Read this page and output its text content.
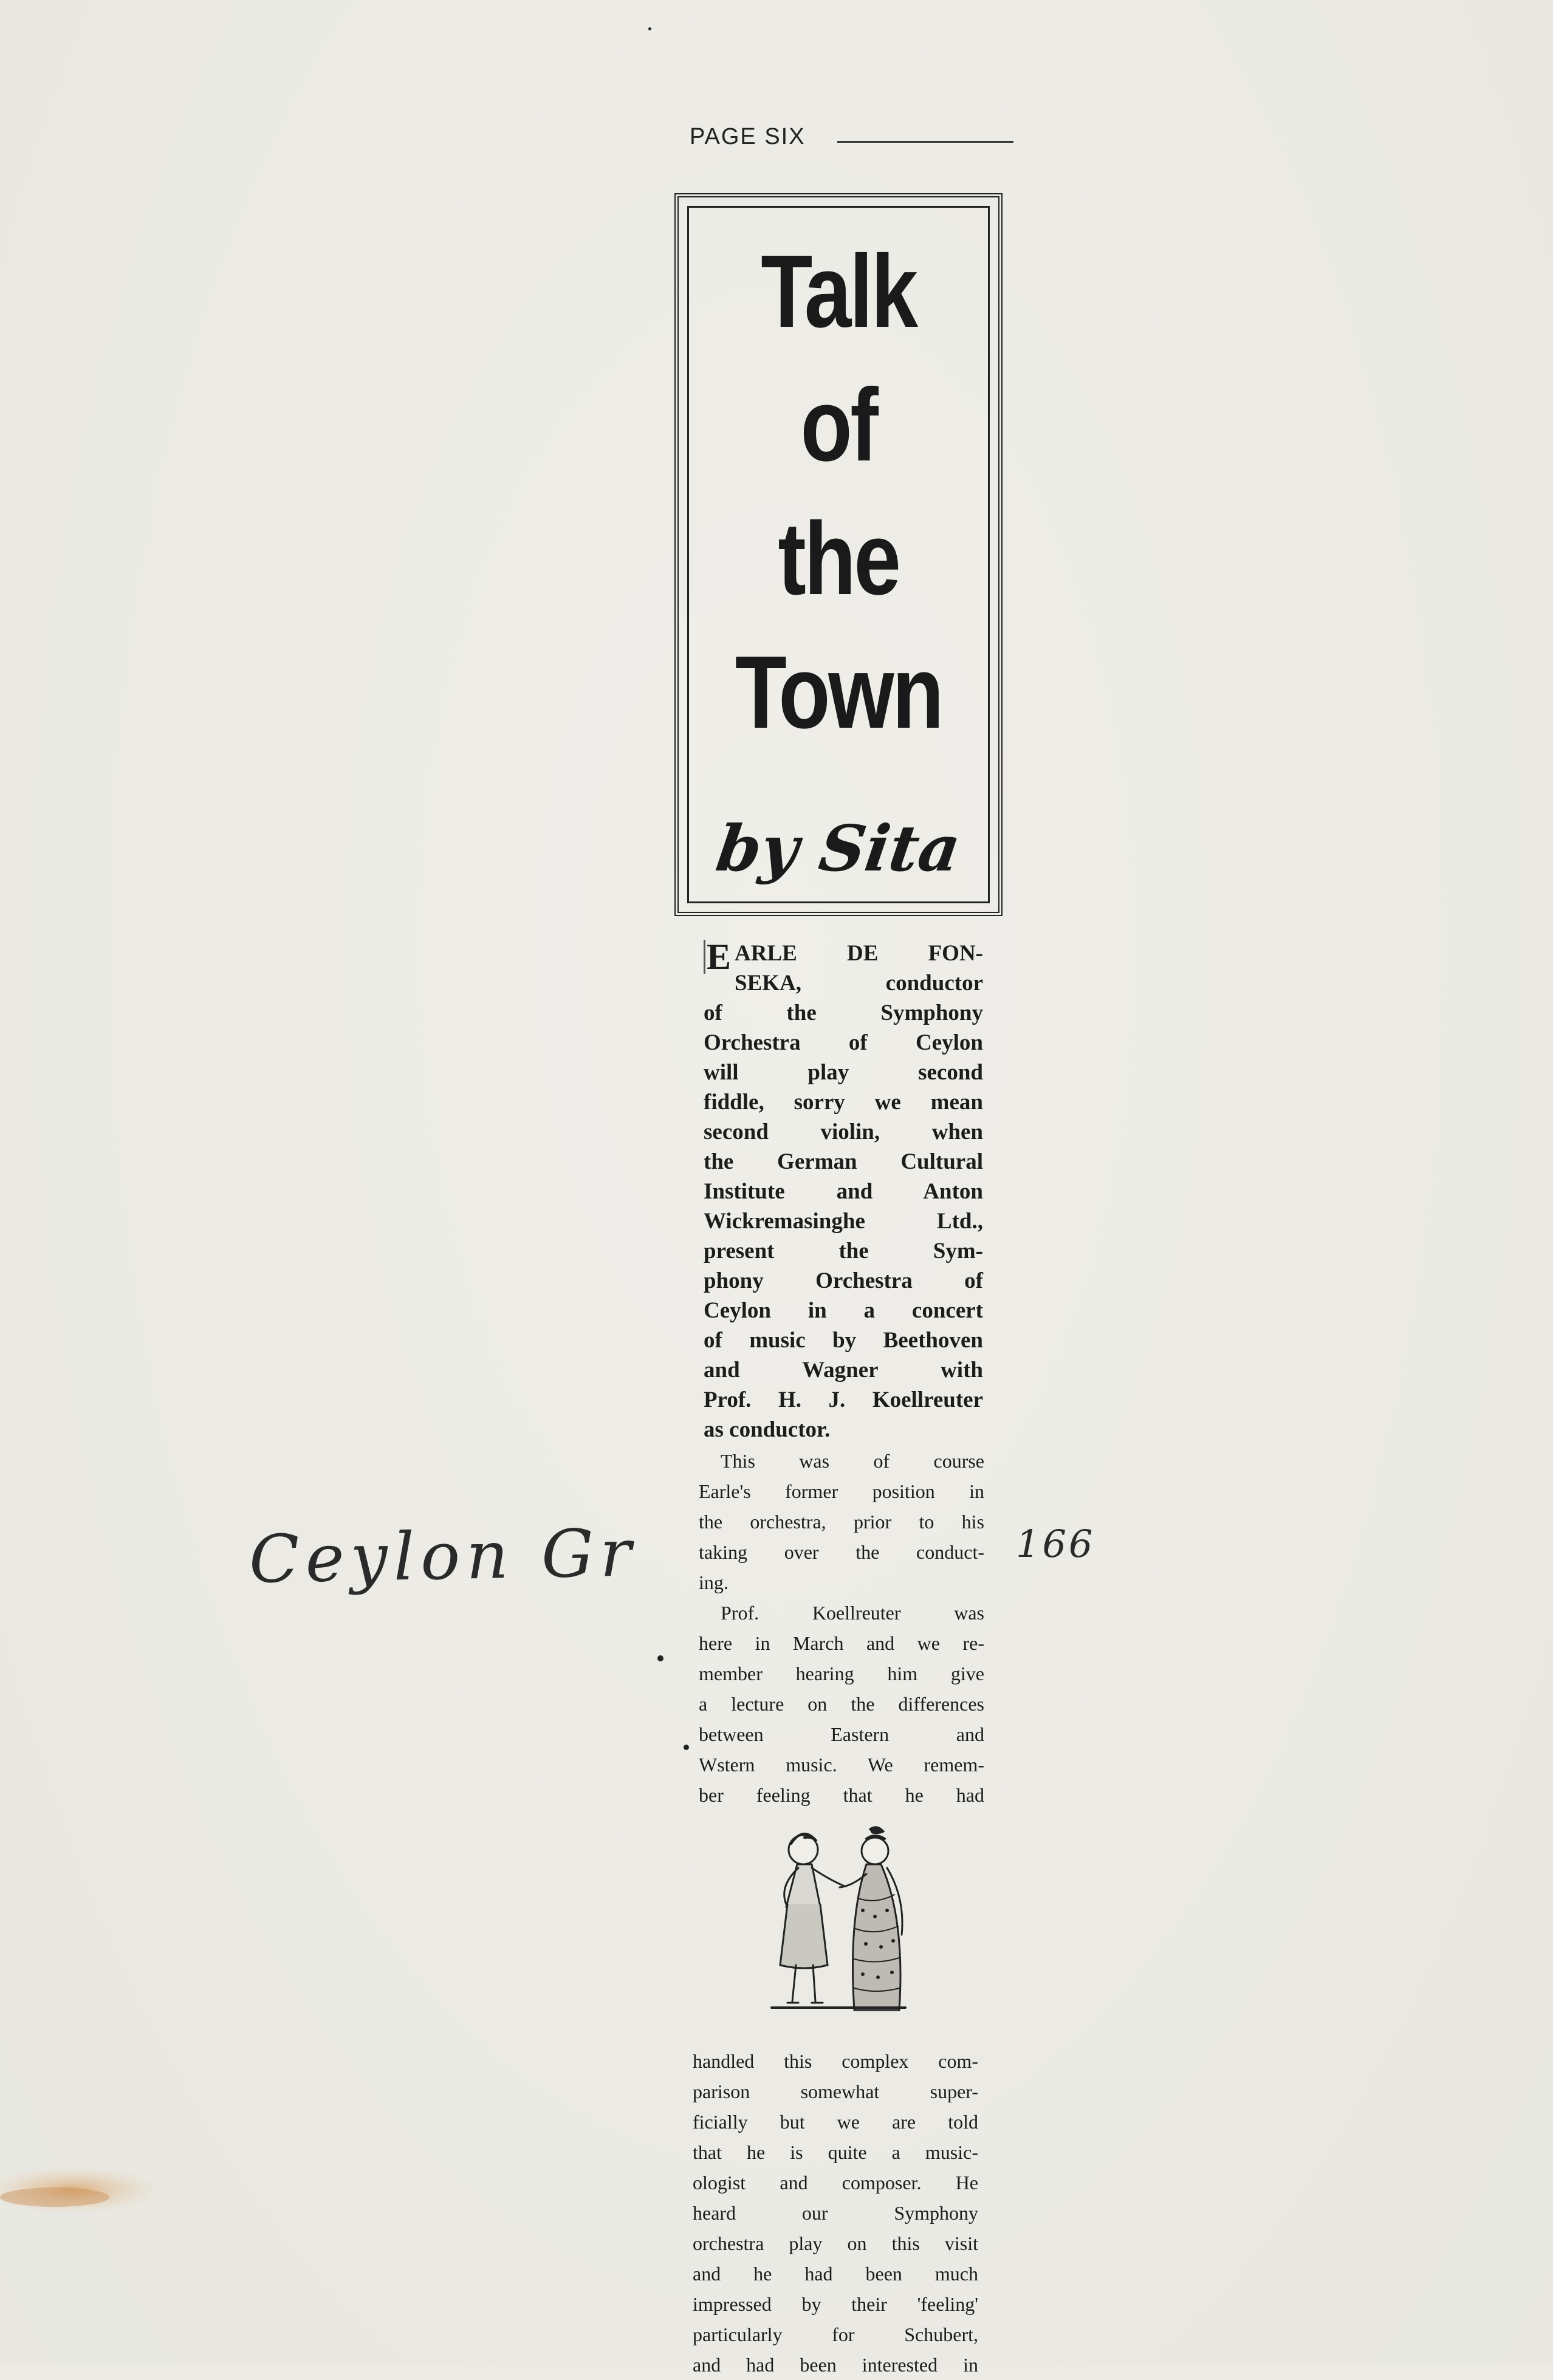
PAGE SIX
Talk
of
the
Town
by Sita
E ARLE DE FON-
SEKA, conductor
of the Symphony
Orchestra of Ceylon
will play second
fiddle, sorry we mean
second violin, when
the German Cultural
Institute and Anton
Wickremasinghe Ltd.,
present the Sym-
phony Orchestra of
Ceylon in a concert
of music by Beethoven
and Wagner with
Prof. H. J. Koellreuter
as conductor.
This was of course
Earle's former position in
the orchestra, prior to his
taking over the conduct-
ing.
Prof. Koellreuter was
here in March and we re-
member hearing him give
a lecture on the differences
between Eastern and
Wstern music. We remem-
ber feeling that he had
handled this complex com-
parison somewhat super-
ficially but we are told
that he is quite a music-
ologist and composer. He
heard our Symphony
orchestra play on this visit
and he had been much
impressed by their 'feeling'
particularly for Schubert,
and had been interested in
Ceylon Gr	166
